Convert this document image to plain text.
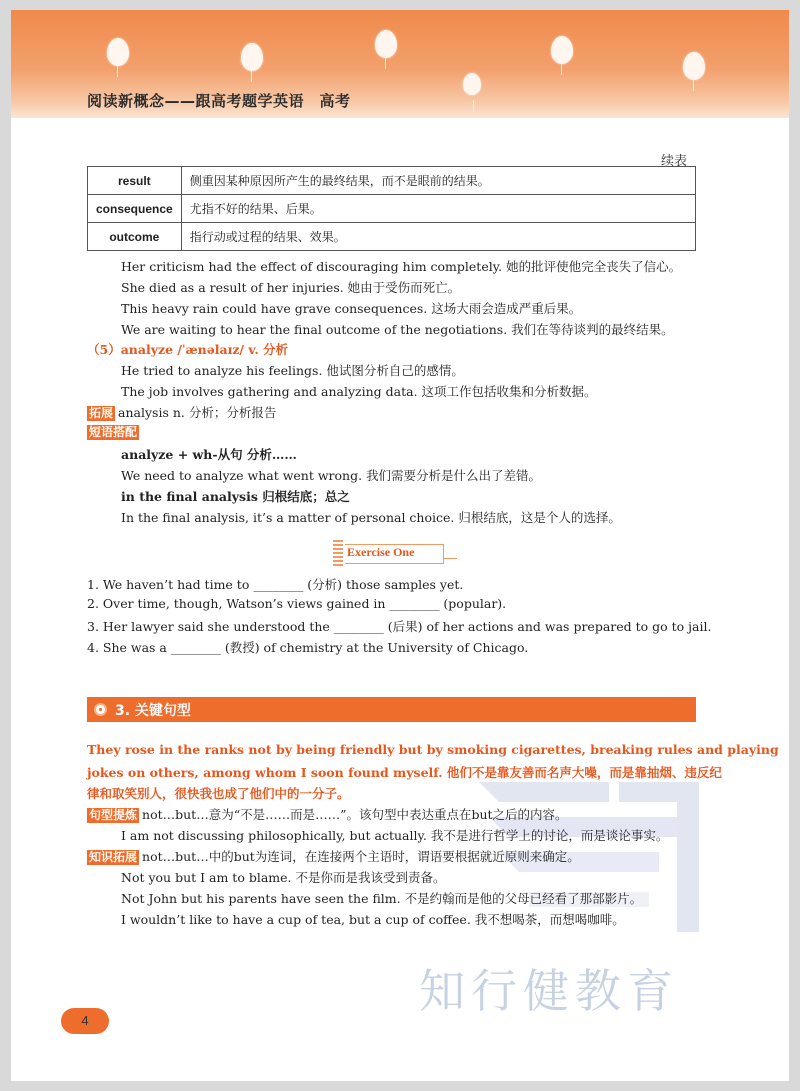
阅读新概念——跟高考题学英语　高考
续表
result	侧重因某种原因所产生的最终结果，而不是眼前的结果。
consequence	尤指不好的结果、后果。
outcome	指行动或过程的结果、效果。
Her criticism had the effect of discouraging him completely. 她的批评使他完全丧失了信心。
She died as a result of her injuries. 她由于受伤而死亡。
This heavy rain could have grave consequences. 这场大雨会造成严重后果。
We are waiting to hear the final outcome of the negotiations. 我们在等待谈判的最终结果。
（5）analyze /ˈænəlaɪz/ v. 分析
He tried to analyze his feelings. 他试图分析自己的感情。
The job involves gathering and analyzing data. 这项工作包括收集和分析数据。
拓展 analysis n. 分析；分析报告
短语搭配
analyze + wh-从句 分析……
We need to analyze what went wrong. 我们需要分析是什么出了差错。
in the final analysis 归根结底；总之
In the final analysis, it’s a matter of personal choice. 归根结底，这是个人的选择。
Exercise One
1. We haven’t had time to ________ (分析) those samples yet.
2. Over time, though, Watson’s views gained in ________ (popular).
3. Her lawyer said she understood the ________ (后果) of her actions and was prepared to go to jail.
4. She was a ________ (教授) of chemistry at the University of Chicago.
3. 关键句型
They rose in the ranks not by being friendly but by smoking cigarettes, breaking rules and playing
jokes on others, among whom I soon found myself. 他们不是靠友善而名声大噪，而是靠抽烟、违反纪
律和取笑别人，很快我也成了他们中的一分子。
句型提炼 not…but…意为“不是……而是……”。该句型中表达重点在but之后的内容。
I am not discussing philosophically, but actually. 我不是进行哲学上的讨论，而是谈论事实。
知识拓展 not…but…中的but为连词，在连接两个主语时，谓语要根据就近原则来确定。
Not you but I am to blame. 不是你而是我该受到责备。
Not John but his parents have seen the film. 不是约翰而是他的父母已经看了那部影片。
I wouldn’t like to have a cup of tea, but a cup of coffee. 我不想喝茶，而想喝咖啡。
知行健教育
4
